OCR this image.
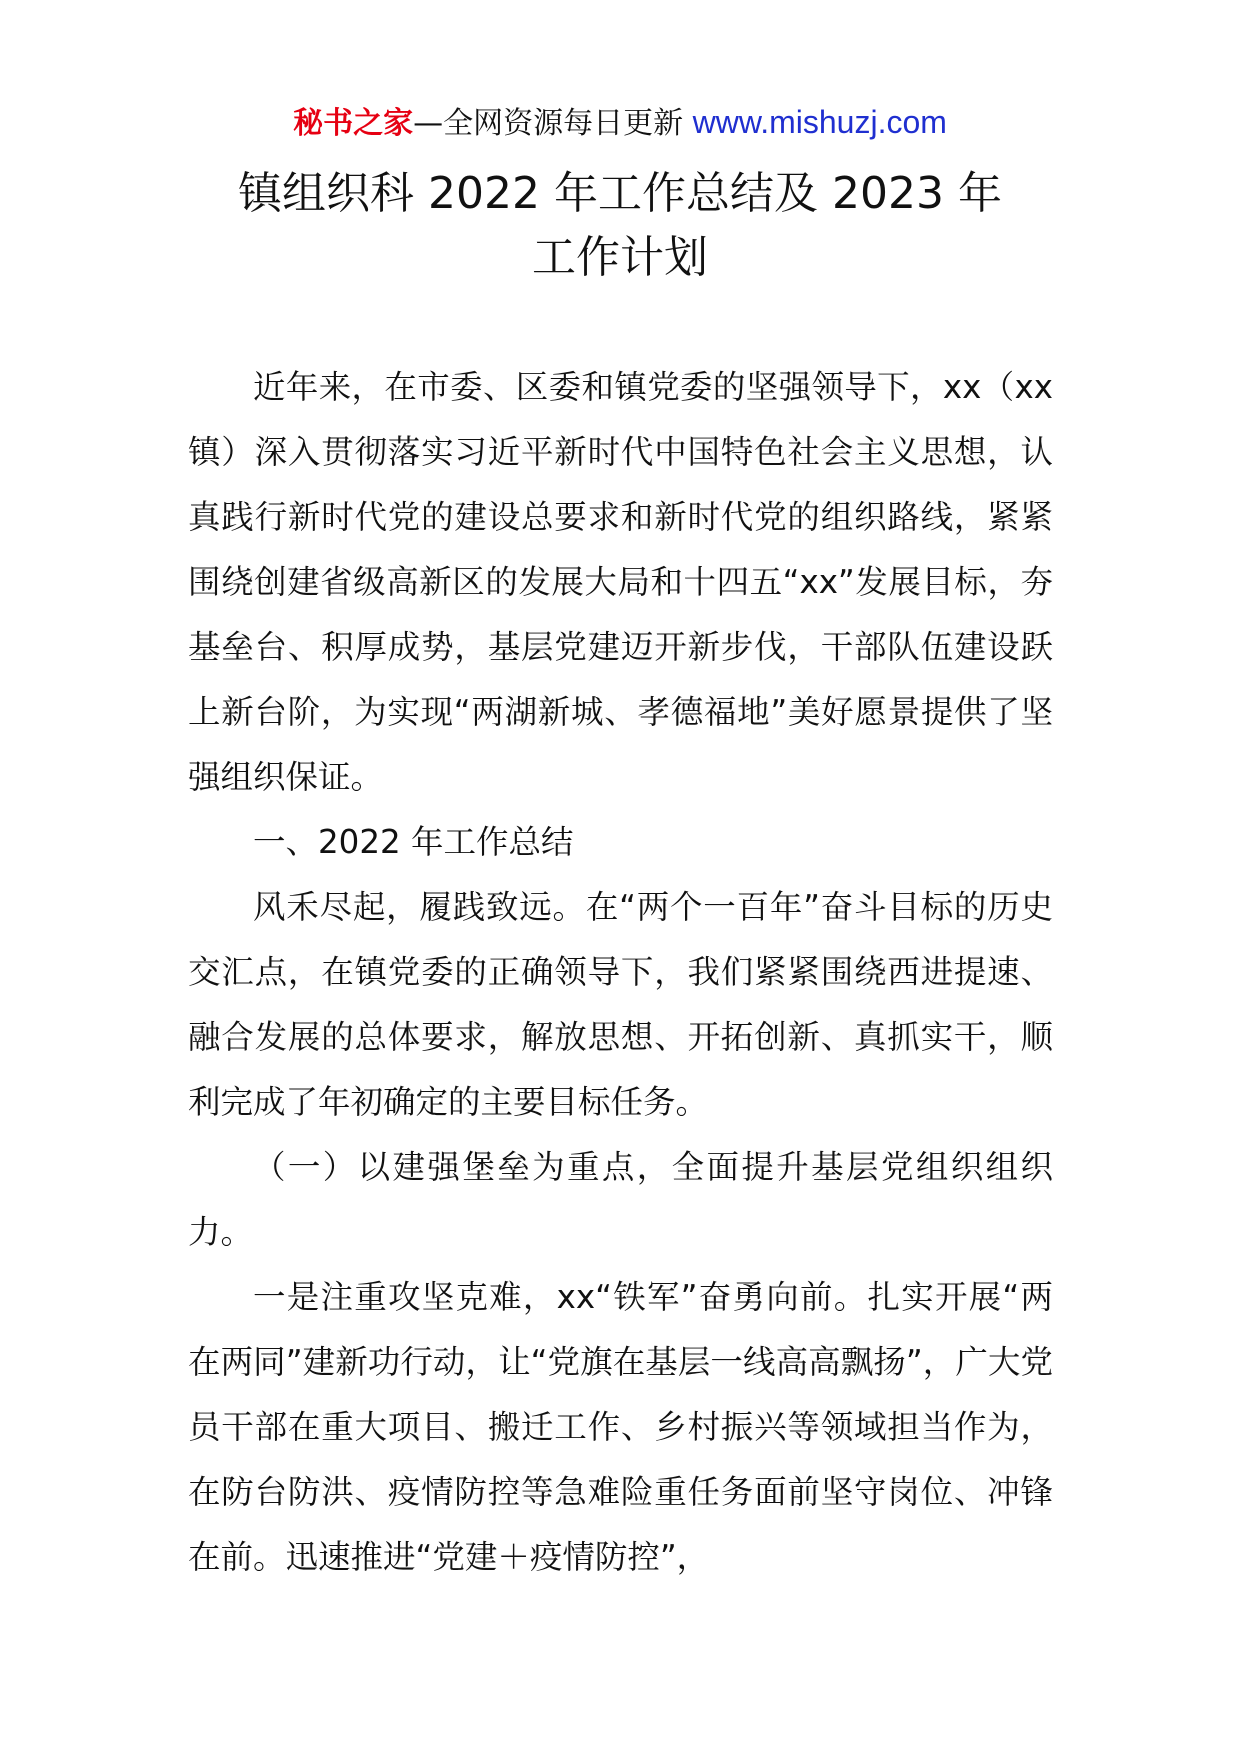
秘书之家—全网资源每日更新 www.mishuzj.com
镇组织科 2022 年工作总结及 2023 年
工作计划

近年来，在市委、区委和镇党委的坚强领导下，xx（xx 镇）深入贯彻落实习近平新时代中国特色社会主义思想，认真践行新时代党的建设总要求和新时代党的组织路线，紧紧围绕创建省级高新区的发展大局和十四五“xx”发展目标，夯基垒台、积厚成势，基层党建迈开新步伐，干部队伍建设跃上新台阶，为实现“两湖新城、孝德福地”美好愿景提供了坚强组织保证。

一、2022 年工作总结

风禾尽起，履践致远。在“两个一百年”奋斗目标的历史交汇点，在镇党委的正确领导下，我们紧紧围绕西进提速、融合发展的总体要求，解放思想、开拓创新、真抓实干，顺利完成了年初确定的主要目标任务。

（一）以建强堡垒为重点，全面提升基层党组织组织力。

一是注重攻坚克难，xx“铁军”奋勇向前。扎实开展“两在两同”建新功行动，让“党旗在基层一线高高飘扬”，广大党员干部在重大项目、搬迁工作、乡村振兴等领域担当作为，在防台防洪、疫情防控等急难险重任务面前坚守岗位、冲锋在前。迅速推进“党建＋疫情防控”，
